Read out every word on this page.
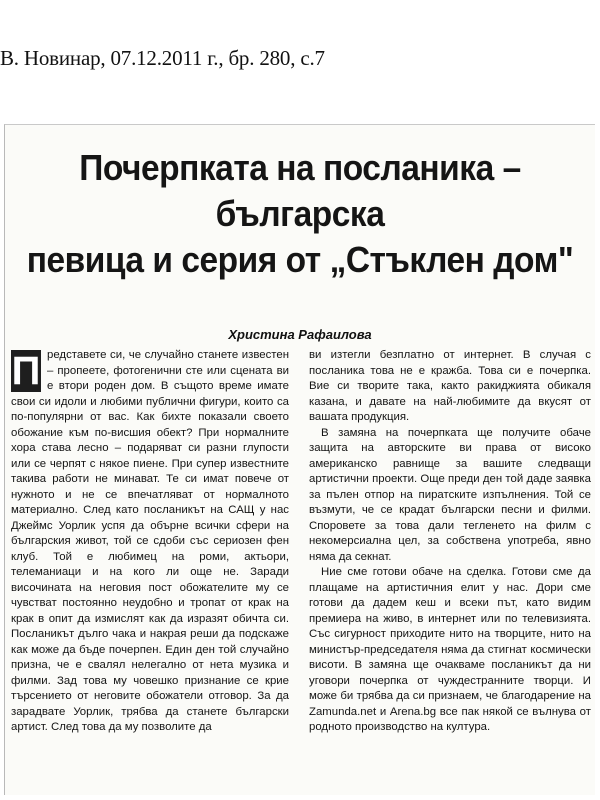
В. Новинар, 07.12.2011 г., бр. 280, с.7
Почерпката на посланика – българска
певица и серия от „Стъклен дом"
Христина Рафаилова

П редставете си, че случайно станете известен – пропеете, фотогенични сте или сцената ви е втори роден дом. В същото време имате свои си идоли и любими публични фигури, които са по-популярни от вас. Как бихте показали своето обожание към по-висшия обект? При нормалните хора става лесно – подаряват си разни глупости или се черпят с някое пиене. При супер известните такива работи не минават. Те си имат повече от нужното и не се впечатляват от нормалното материално. След като посланикът на САЩ у нас Джеймс Уорлик успя да обърне всички сфери на българския живот, той се сдоби със сериозен фен клуб. Той е любимец на роми, актьори, телеманиаци и на кого ли още не. Заради височината на неговия пост обожателите му се чувстват постоянно неудобно и тропат от крак на крак в опит да измислят как да изразят обичта си. Посланикът дълго чака и накрая реши да подскаже как може да бъде почерпен. Един ден той случайно призна, че е свалял нелегално от нета музика и филми. Зад това му човешко признание се крие търсението от неговите обожатели отговор. За да зарадвате Уорлик, трябва да станете български артист. След това да му позволите да

ви изтегли безплатно от интернет. В случая с посланика това не е кражба. Това си е почерпка. Вие си творите така, както ракиджията обикаля казана, и давате на най-любимите да вкусят от вашата продукция.

В замяна на почерпката ще получите обаче защита на авторските ви права от високо американско равнище за вашите следващи артистични проекти. Още преди ден той даде заявка за пълен отпор на пиратските изпълнения. Той се възмути, че се крадат български песни и филми. Споровете за това дали тегленето на филм с некомерсиална цел, за собствена употреба, явно няма да секнат.

Ние сме готови обаче на сделка. Готови сме да плащаме на артистичния елит у нас. Дори сме готови да дадем кеш и всеки път, като видим премиера на живо, в интернет или по телевизията. Със сигурност приходите нито на творците, нито на министър-председателя няма да стигнат космически висоти. В замяна ще очакваме посланикът да ни уговори почерпка от чуждестранните творци. И може би трябва да си признаем, че благодарение на Zamunda.net и Arena.bg все пак някой се вълнува от родното производство на култура.
